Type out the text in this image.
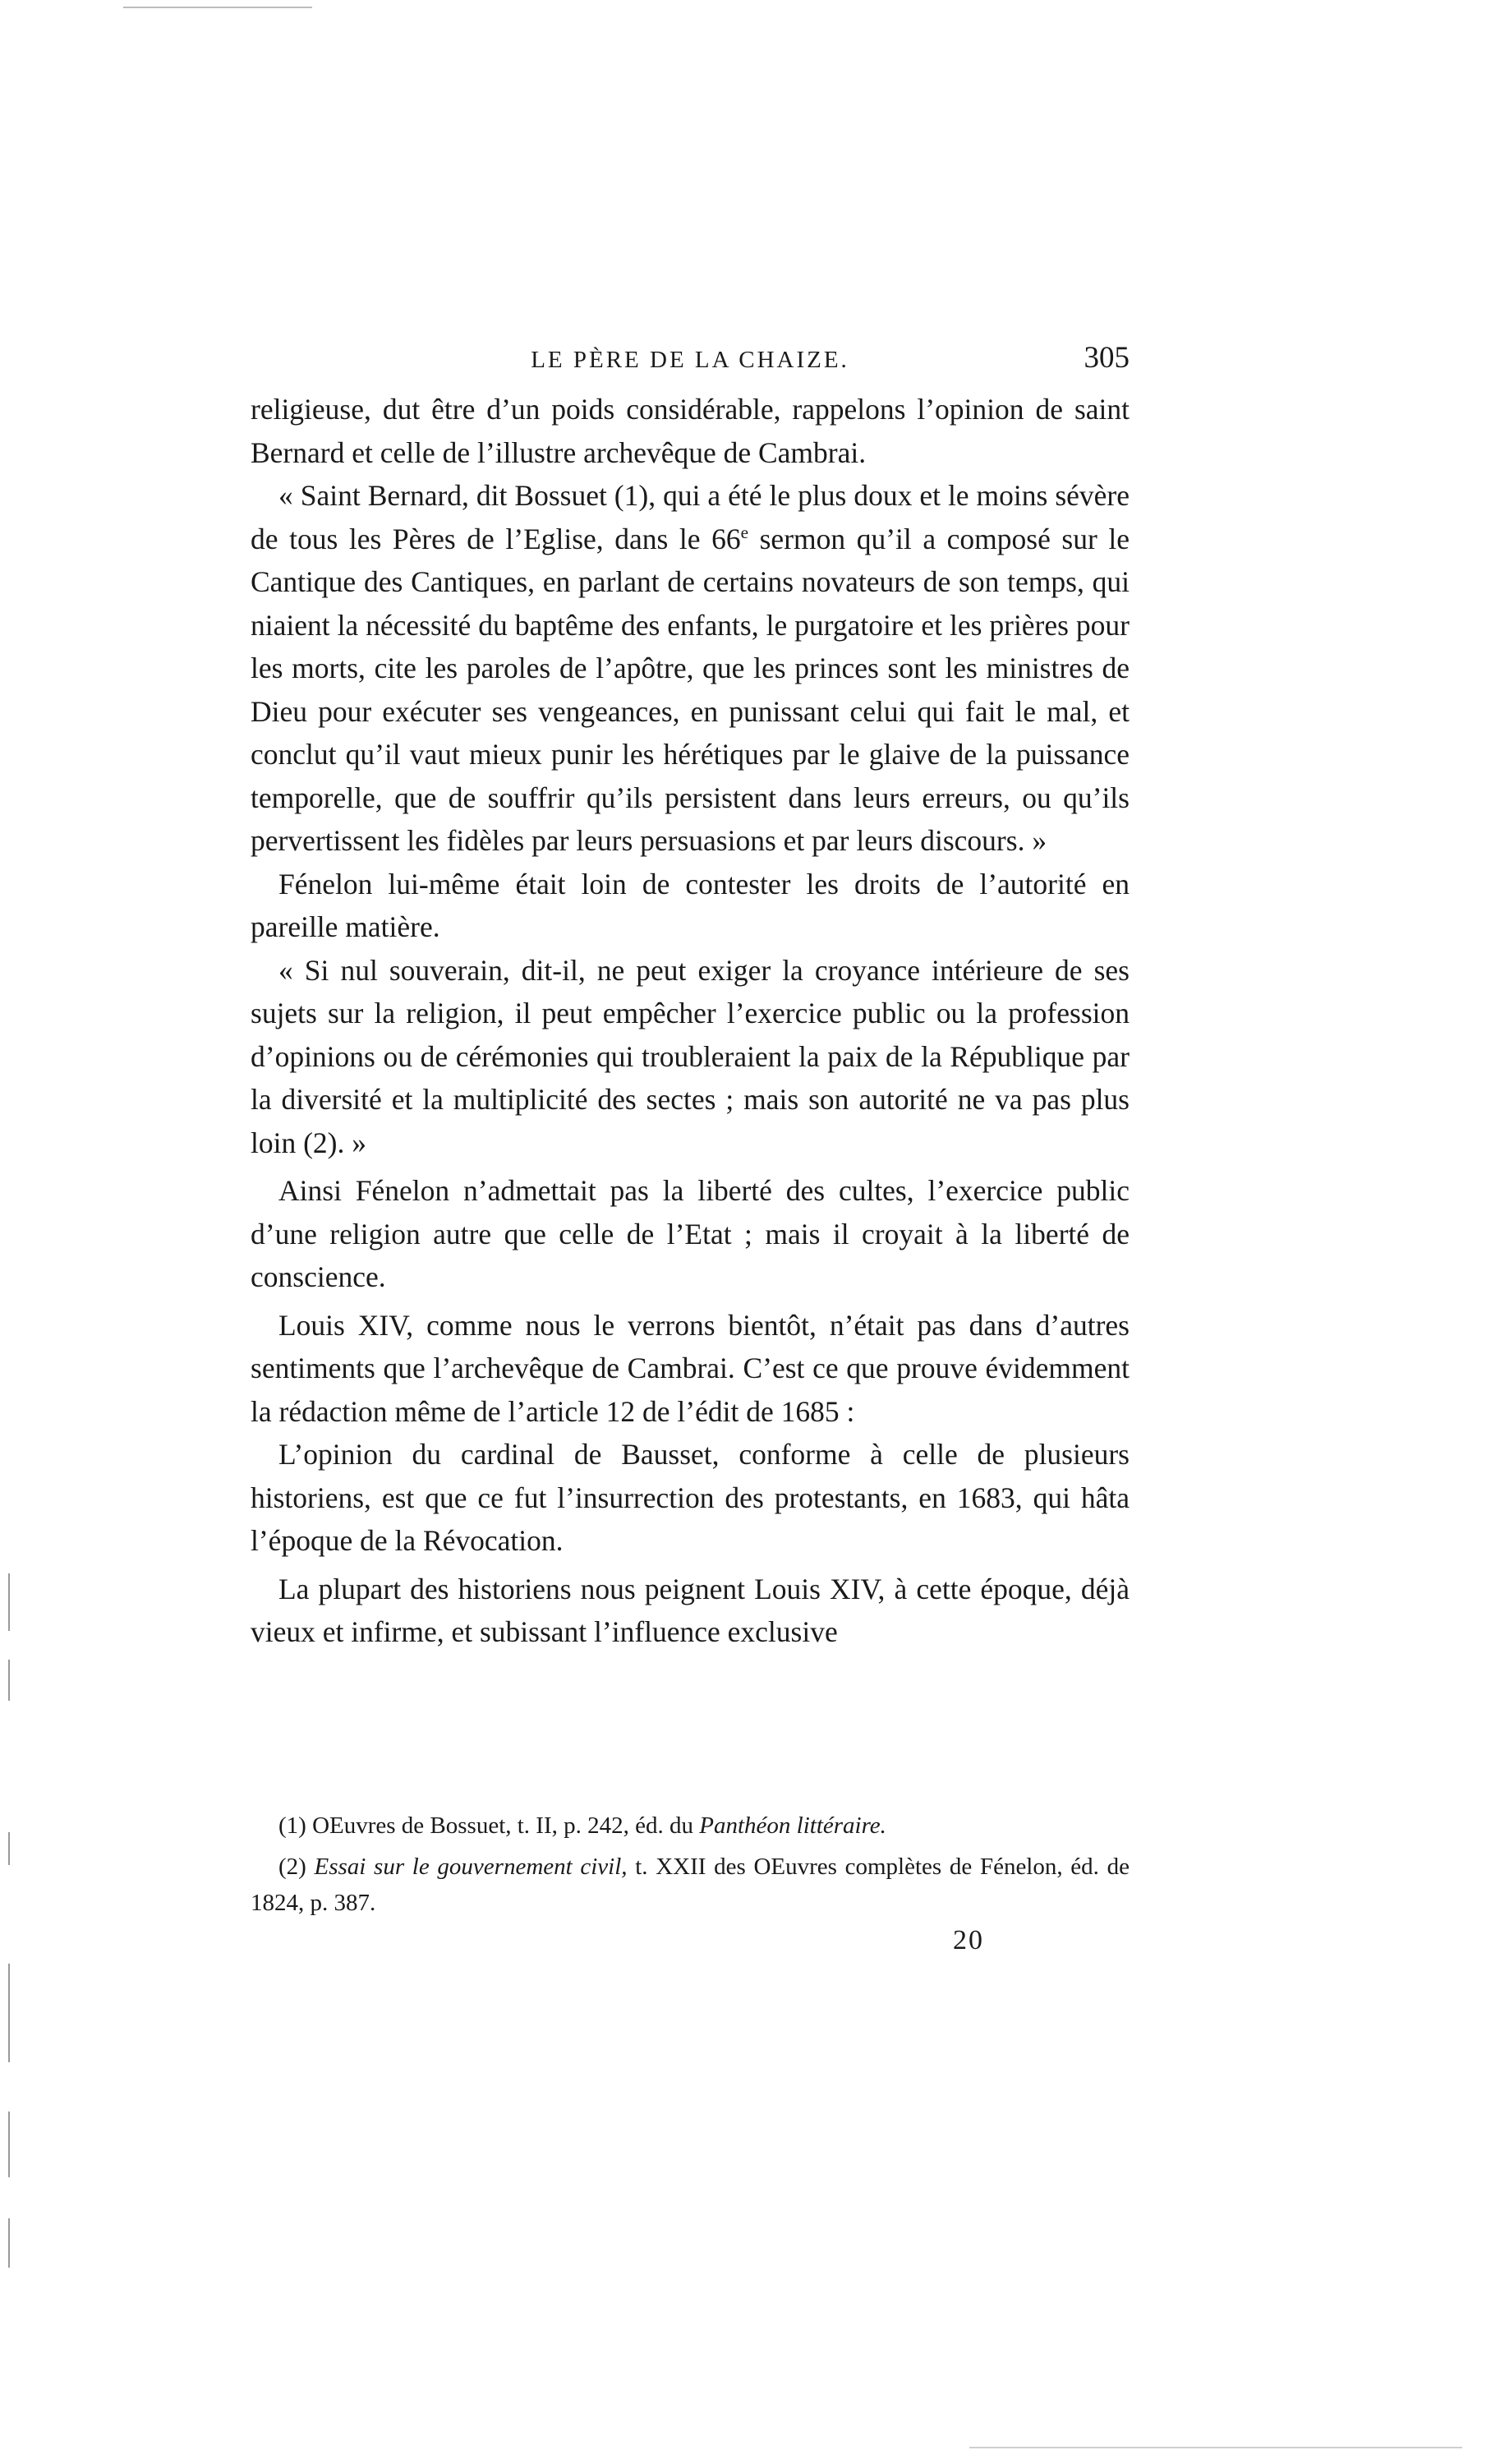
LE PÈRE DE LA CHAIZE.	305

religieuse, dut être d’un poids considérable, rappelons l’opinion de saint Bernard et celle de l’illustre archevêque de Cambrai.

« Saint Bernard, dit Bossuet (1), qui a été le plus doux et le moins sévère de tous les Pères de l’Eglise, dans le 66e sermon qu’il a composé sur le Cantique des Cantiques, en parlant de certains novateurs de son temps, qui niaient la nécessité du baptême des enfants, le purgatoire et les prières pour les morts, cite les paroles de l’apôtre, que les princes sont les ministres de Dieu pour exécuter ses vengeances, en punissant celui qui fait le mal, et conclut qu’il vaut mieux punir les hérétiques par le glaive de la puissance temporelle, que de souffrir qu’ils persistent dans leurs erreurs, ou qu’ils pervertissent les fidèles par leurs persuasions et par leurs discours. »

Fénelon lui-même était loin de contester les droits de l’autorité en pareille matière.

« Si nul souverain, dit-il, ne peut exiger la croyance intérieure de ses sujets sur la religion, il peut empêcher l’exercice public ou la profession d’opinions ou de cérémonies qui troubleraient la paix de la République par la diversité et la multiplicité des sectes ; mais son autorité ne va pas plus loin (2). »

Ainsi Fénelon n’admettait pas la liberté des cultes, l’exercice public d’une religion autre que celle de l’Etat ; mais il croyait à la liberté de conscience.

Louis XIV, comme nous le verrons bientôt, n’était pas dans d’autres sentiments que l’archevêque de Cambrai. C’est ce que prouve évidemment la rédaction même de l’article 12 de l’édit de 1685 :

L’opinion du cardinal de Bausset, conforme à celle de plusieurs historiens, est que ce fut l’insurrection des protestants, en 1683, qui hâta l’époque de la Révocation.

La plupart des historiens nous peignent Louis XIV, à cette époque, déjà vieux et infirme, et subissant l’influence exclusive

(1) OEuvres de Bossuet, t. II, p. 242, éd. du Panthéon littéraire.

(2) Essai sur le gouvernement civil, t. XXII des OEuvres complètes de Fénelon, éd. de 1824, p. 387.

20
